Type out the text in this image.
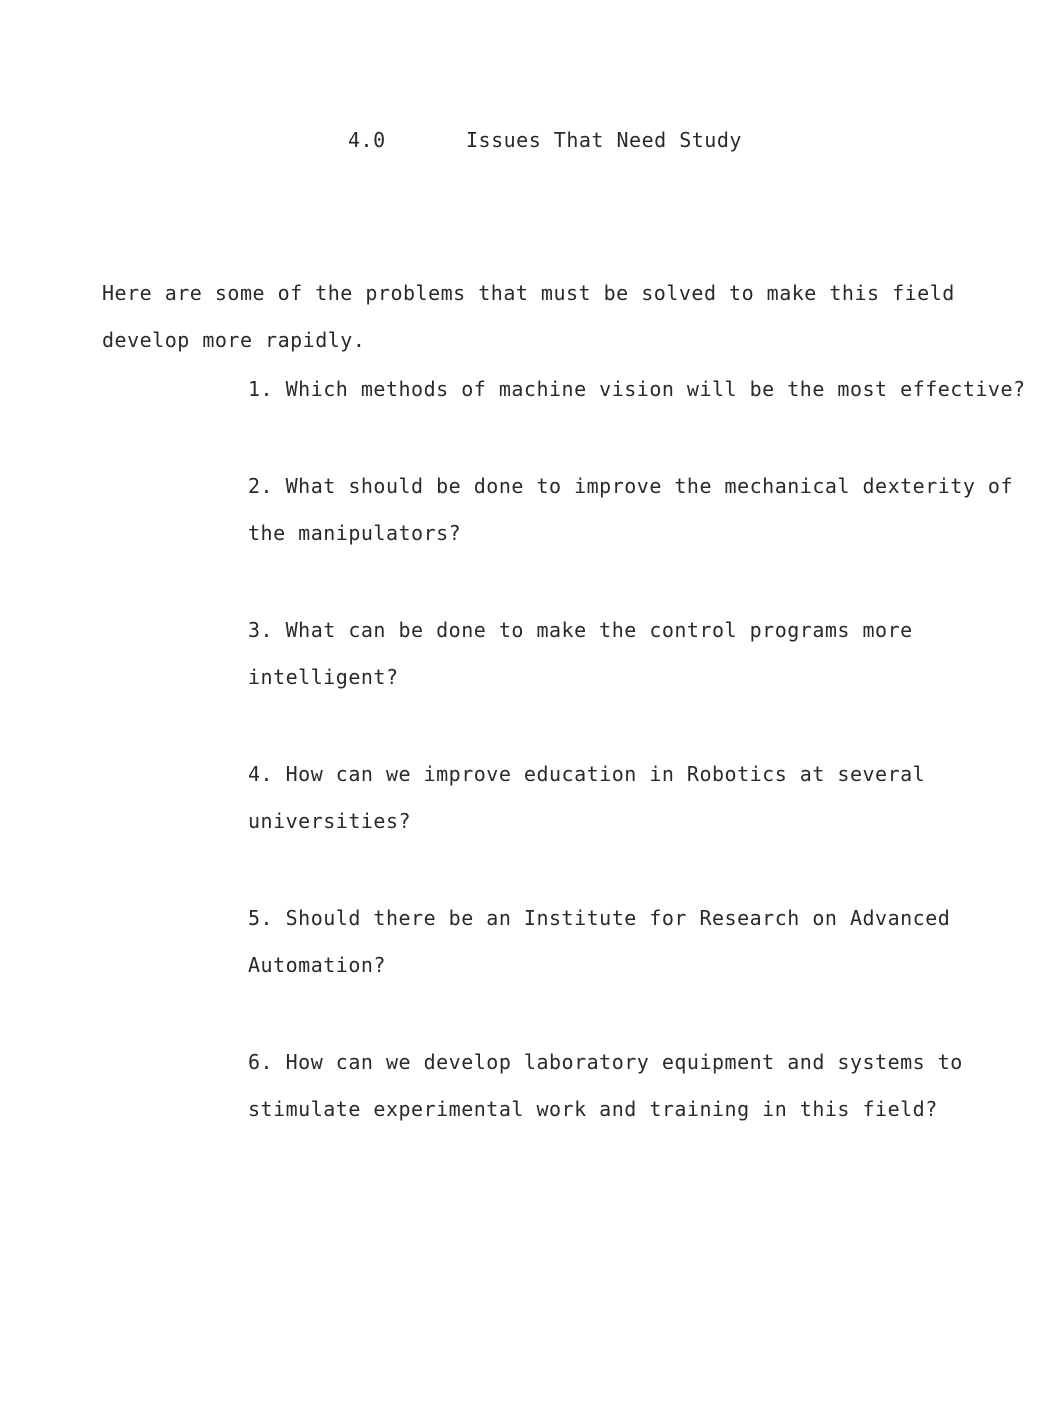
4.0	Issues That Need Study
Here are some of the problems that must be solved to make this field develop more rapidly.
1. Which methods of machine vision will be the most effective?
2. What should be done to improve the mechanical dexterity of the manipulators?
3. What can be done to make the control programs more intelligent?
4. How can we improve education in Robotics at several universities?
5. Should there be an Institute for Research on Advanced Automation?
6. How can we develop laboratory equipment and systems to stimulate experimental work and training in this field?
